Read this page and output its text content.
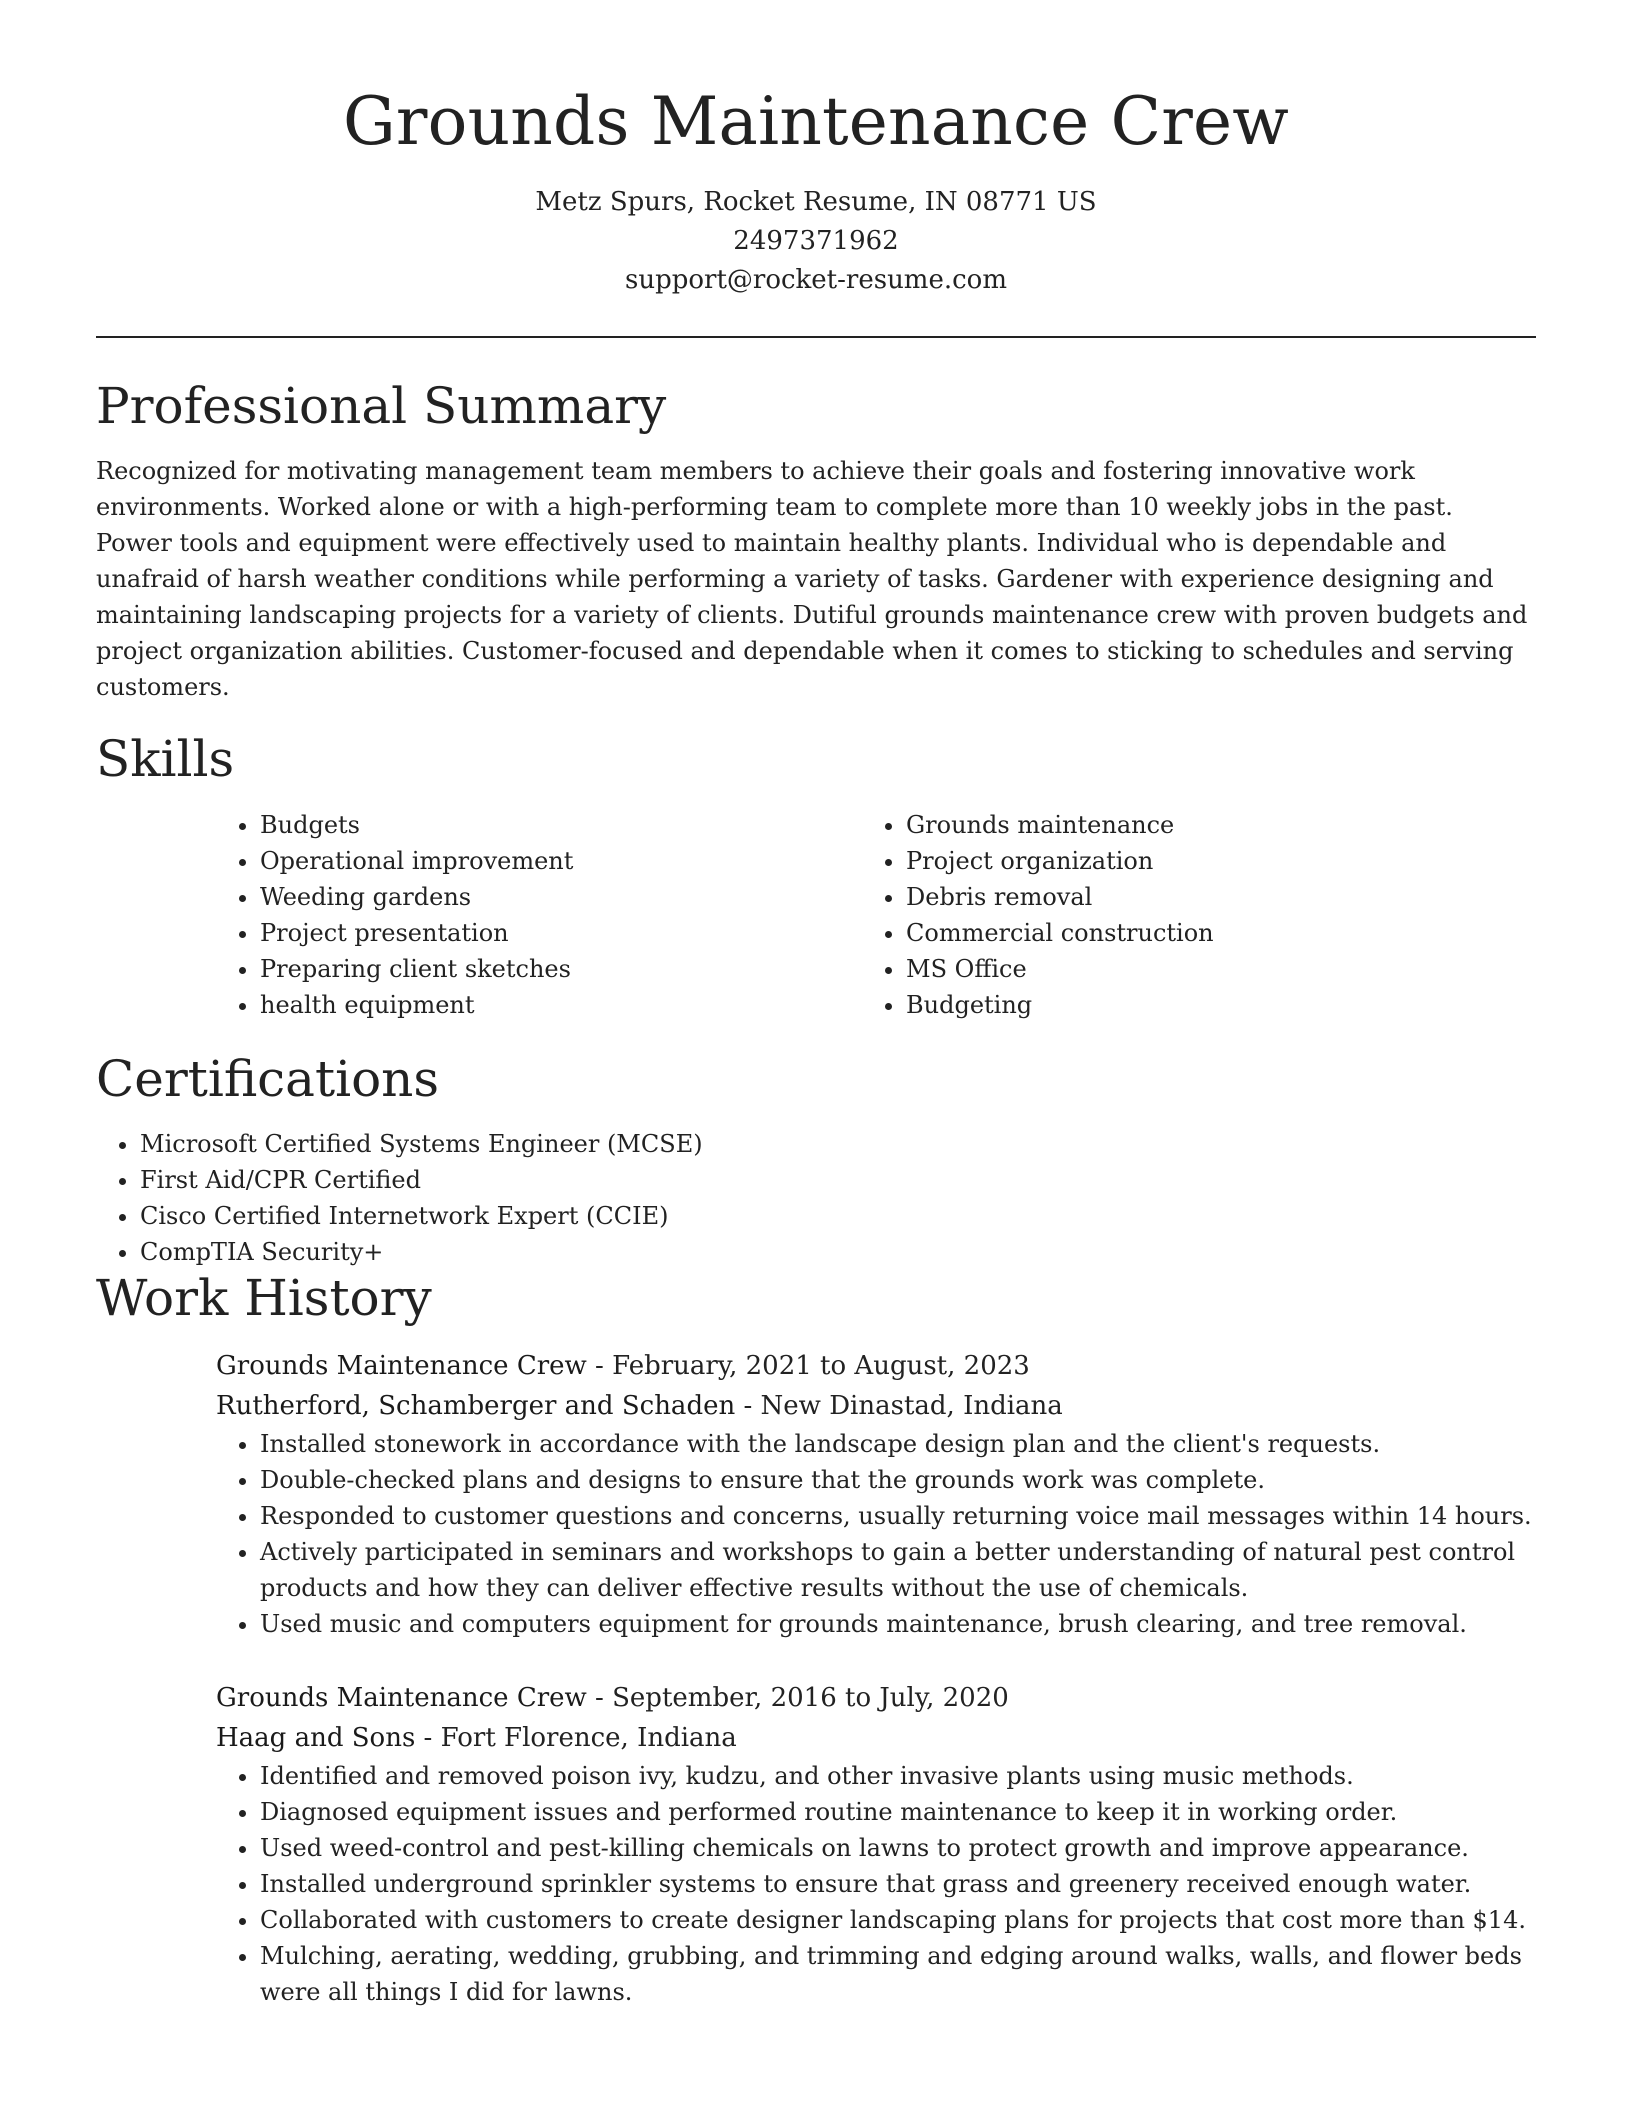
Grounds Maintenance Crew

Metz Spurs, Rocket Resume, IN 08771 US

2497371962

support@rocket-resume.com

Professional Summary

Recognized for motivating management team members to achieve their goals and fostering innovative work environments. Worked alone or with a high-performing team to complete more than 10 weekly jobs in the past. Power tools and equipment were effectively used to maintain healthy plants. Individual who is dependable and unafraid of harsh weather conditions while performing a variety of tasks. Gardener with experience designing and maintaining landscaping projects for a variety of clients. Dutiful grounds maintenance crew with proven budgets and project organization abilities. Customer-focused and dependable when it comes to sticking to schedules and serving customers.

Skills
• Budgets
• Operational improvement
• Weeding gardens
• Project presentation
• Preparing client sketches
• health equipment
• Grounds maintenance
• Project organization
• Debris removal
• Commercial construction
• MS Office
• Budgeting
Certifications
• Microsoft Certified Systems Engineer (MCSE)
• First Aid/CPR Certified
• Cisco Certified Internetwork Expert (CCIE)
• CompTIA Security+
Work History

Grounds Maintenance Crew - February, 2021 to August, 2023

Rutherford, Schamberger and Schaden - New Dinastad, Indiana

• Installed stonework in accordance with the landscape design plan and the client's requests.
• Double-checked plans and designs to ensure that the grounds work was complete.
• Responded to customer questions and concerns, usually returning voice mail messages within 14 hours.
• Actively participated in seminars and workshops to gain a better understanding of natural pest control products and how they can deliver effective results without the use of chemicals.
• Used music and computers equipment for grounds maintenance, brush clearing, and tree removal.

Grounds Maintenance Crew - September, 2016 to July, 2020

Haag and Sons - Fort Florence, Indiana

• Identified and removed poison ivy, kudzu, and other invasive plants using music methods.
• Diagnosed equipment issues and performed routine maintenance to keep it in working order.
• Used weed-control and pest-killing chemicals on lawns to protect growth and improve appearance.
• Installed underground sprinkler systems to ensure that grass and greenery received enough water.
• Collaborated with customers to create designer landscaping plans for projects that cost more than $14.
• Mulching, aerating, wedding, grubbing, and trimming and edging around walks, walls, and flower beds were all things I did for lawns.
